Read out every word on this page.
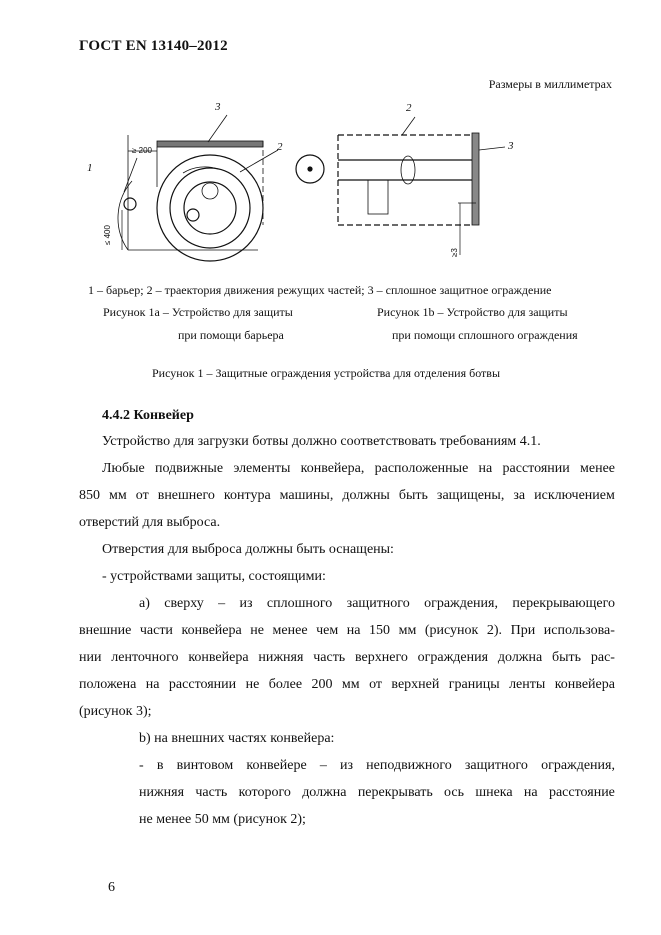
ГОСТ EN 13140–2012
Размеры в миллиметрах
1
2
3	2
3
≥ 200
≤ 400
≥3
1 – барьер; 2 – траектория движения режущих частей; 3 – сплошное защитное ограждение
Рисунок 1а – Устройство для защиты
при помощи барьера
Рисунок 1b – Устройство для защиты
при помощи сплошного ограждения
Рисунок 1 – Защитные ограждения устройства для отделения ботвы
4.4.2 Конвейер
Устройство для загрузки ботвы должно соответствовать требованиям 4.1.
Любые подвижные элементы конвейера, расположенные на расстоянии менее
850 мм от внешнего контура машины, должны быть защищены, за исключением
отверстий для выброса.
Отверстия для выброса должны быть оснащены:
- устройствами защиты, состоящими:
а) сверху – из сплошного защитного ограждения, перекрывающего
внешние части конвейера не менее чем на 150 мм (рисунок 2). При использова-
нии ленточного конвейера нижняя часть верхнего ограждения должна быть рас-
положена на расстоянии не более 200 мм от верхней границы ленты конвейера
(рисунок 3);
b) на внешних частях конвейера:
- в винтовом конвейере – из неподвижного защитного ограждения,
нижняя часть которого должна перекрывать ось шнека на расстояние
не менее 50 мм (рисунок 2);
6
